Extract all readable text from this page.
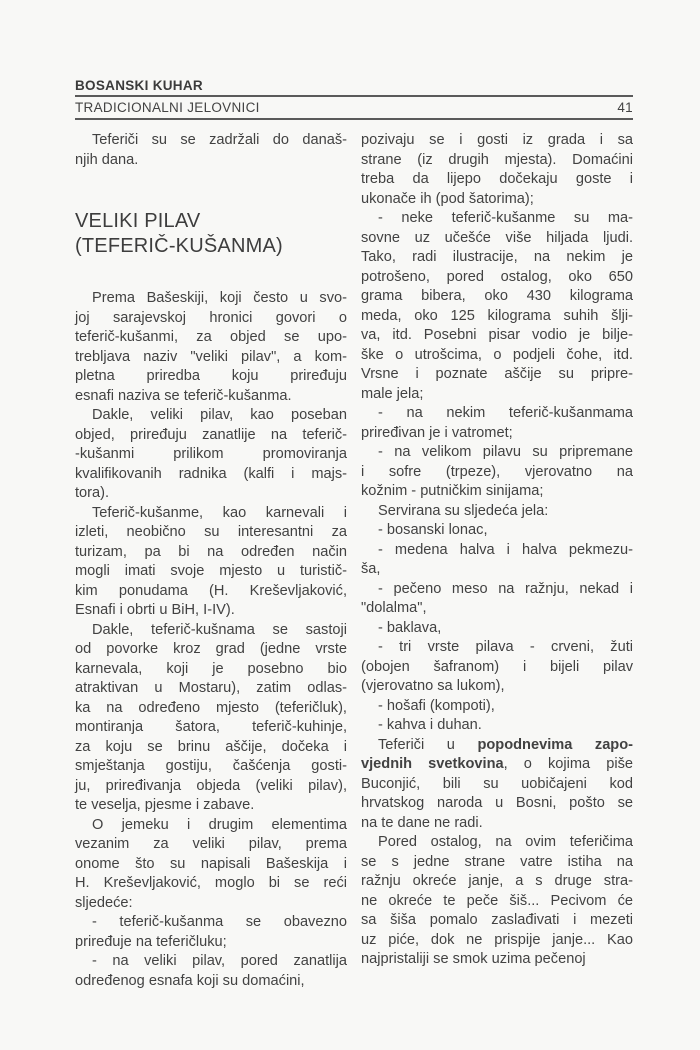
BOSANSKI KUHAR
TRADICIONALNI JELOVNICI	41
Teferiči su se zadržali do današ-
njih dana.
VELIKI PILAV
(TEFERIČ-KUŠANMA)
Prema Bašeskiji, koji često u svo-
joj sarajevskoj hronici govori o
teferič-kušanmi, za objed se upo-
trebljava naziv "veliki pilav", a kom-
pletna priredba koju priređuju
esnafi naziva se teferič-kušanma.
Dakle, veliki pilav, kao poseban
objed, priređuju zanatlije na teferič-
-kušanmi prilikom promoviranja
kvalifikovanih radnika (kalfi i majs-
tora).
Teferič-kušanme, kao karnevali i
izleti, neobično su interesantni za
turizam, pa bi na određen način
mogli imati svoje mjesto u turistič-
kim ponudama (H. Kreševljaković,
Esnafi i obrti u BiH, I-IV).
Dakle, teferič-kušnama se sastoji
od povorke kroz grad (jedne vrste
karnevala, koji je posebno bio
atraktivan u Mostaru), zatim odlas-
ka na određeno mjesto (teferičluk),
montiranja šatora, teferič-kuhinje,
za koju se brinu aščije, dočeka i
smještanja gostiju, čašćenja gosti-
ju, priređivanja objeda (veliki pilav),
te veselja, pjesme i zabave.
O jemeku i drugim elementima
vezanim za veliki pilav, prema
onome što su napisali Bašeskija i
H. Kreševljaković, moglo bi se reći
sljedeće:
- teferič-kušanma se obavezno
priređuje na teferičluku;
- na veliki pilav, pored zanatlija
određenog esnafa koji su domaćini,
pozivaju se i gosti iz grada i sa
strane (iz drugih mjesta). Domaćini
treba da lijepo dočekaju goste i
ukonače ih (pod šatorima);
- neke teferič-kušanme su ma-
sovne uz učešće više hiljada ljudi.
Tako, radi ilustracije, na nekim je
potrošeno, pored ostalog, oko 650
grama bibera, oko 430 kilograma
meda, oko 125 kilograma suhih šlji-
va, itd. Posebni pisar vodio je bilje-
ške o utrošcima, o podjeli čohe, itd.
Vrsne i poznate aščije su pripre-
male jela;
- na nekim teferič-kušanmama
priređivan je i vatromet;
- na velikom pilavu su pripremane
i sofre (trpeze), vjerovatno na
kožnim - putničkim sinijama;
Servirana su sljedeća jela:
- bosanski lonac,
- medena halva i halva pekmezu-
ša,
- pečeno meso na ražnju, nekad i
"dolalma",
- baklava,
- tri vrste pilava - crveni, žuti
(obojen šafranom) i bijeli pilav
(vjerovatno sa lukom),
- hošafi (kompoti),
- kahva i duhan.
Teferiči u popodnevima zapo-
vjednih svetkovina, o kojima piše
Buconjić, bili su uobičajeni kod
hrvatskog naroda u Bosni, pošto se
na te dane ne radi.
Pored ostalog, na ovim teferičima
se s jedne strane vatre istiha na
ražnju okreće janje, a s druge stra-
ne okreće te peče šiš... Pecivom će
sa šiša pomalo zaslađivati i mezeti
uz piće, dok ne prispije janje... Kao
najpristaliji se smok uzima pečenoj
